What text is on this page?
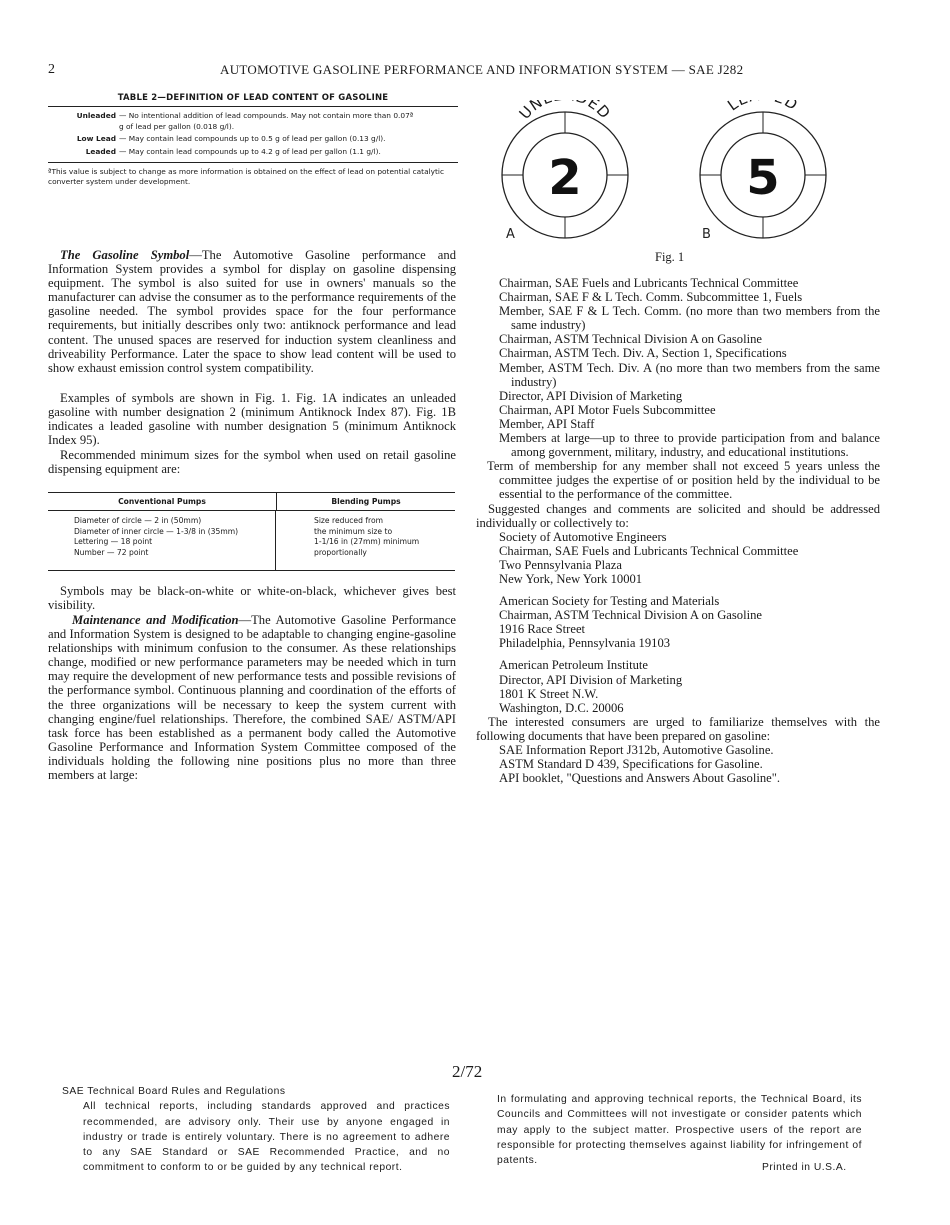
2	AUTOMOTIVE GASOLINE PERFORMANCE AND INFORMATION SYSTEM — SAE J282
TABLE 2—DEFINITION OF LEAD CONTENT OF GASOLINE
Unleaded — No intentional addition of lead compounds. May not contain more than 0.07ª g of lead per gallon (0.018 g/l).
Low Lead — May contain lead compounds up to 0.5 g of lead per gallon (0.13 g/l).
Leaded — May contain lead compounds up to 4.2 g of lead per gallon (1.1 g/l).
ªThis value is subject to change as more information is obtained on the effect of lead on potential catalytic converter system under development.
The Gasoline Symbol—The Automotive Gasoline performance and Information System provides a symbol for display on gasoline dispensing equipment. The symbol is also suited for use in owners' manuals so the manufacturer can advise the consumer as to the performance requirements of the gasoline needed. The symbol provides space for the four performance requirements, but initially describes only two: antiknock performance and lead content. The unused spaces are reserved for induction system cleanliness and driveability Performance. Later the space to show lead content will be used to show exhaust emission control system compatibility.
Examples of symbols are shown in Fig. 1. Fig. 1A indicates an unleaded gasoline with number designation 2 (minimum Antiknock Index 87). Fig. 1B indicates a leaded gasoline with number designation 5 (minimum Antiknock Index 95).
Recommended minimum sizes for the symbol when used on retail gasoline dispensing equipment are:
Conventional Pumps	Blending Pumps
Diameter of circle — 2 in (50mm)
Diameter of inner circle — 1-3/8 in (35mm)
Lettering — 18 point
Number — 72 point
Size reduced from
the minimum size to
1-1/16 in (27mm) minimum
proportionally
Symbols may be black-on-white or white-on-black, whichever gives best visibility.
Maintenance and Modification—The Automotive Gasoline Performance and Information System is designed to be adaptable to changing engine-gasoline relationships with minimum confusion to the consumer. As these relationships change, modified or new performance parameters may be needed which in turn may require the development of new performance tests and possible revisions of the performance symbol. Continuous planning and coordination of the efforts of the three organizations will be necessary to keep the system current with changing engine/fuel relationships. Therefore, the combined SAE/ ASTM/API task force has been established as a permanent body called the Automotive Gasoline Performance and Information System Committee composed of the individuals holding the following nine positions plus no more than three members at large:
UN ED
2
A
L D
5
B
Fig. 1
Chairman, SAE Fuels and Lubricants Technical Committee
Chairman, SAE F & L Tech. Comm. Subcommittee 1, Fuels
Member, SAE F & L Tech. Comm. (no more than two members from the same industry)
Chairman, ASTM Technical Division A on Gasoline
Chairman, ASTM Tech. Div. A, Section 1, Specifications
Member, ASTM Tech. Div. A (no more than two members from the same industry)
Director, API Division of Marketing
Chairman, API Motor Fuels Subcommittee
Member, API Staff
Members at large—up to three to provide participation from and balance among government, military, industry, and educational institutions.
Term of membership for any member shall not exceed 5 years unless the committee judges the expertise of or position held by the individual to be essential to the performance of the committee.
Suggested changes and comments are solicited and should be addressed individually or collectively to:
Society of Automotive Engineers
Chairman, SAE Fuels and Lubricants Technical Committee
Two Pennsylvania Plaza
New York, New York 10001
American Society for Testing and Materials
Chairman, ASTM Technical Division A on Gasoline
1916 Race Street
Philadelphia, Pennsylvania 19103
American Petroleum Institute
Director, API Division of Marketing
1801 K Street N.W.
Washington, D.C. 20006
The interested consumers are urged to familiarize themselves with the following documents that have been prepared on gasoline:
SAE Information Report J312b, Automotive Gasoline.
ASTM Standard D 439, Specifications for Gasoline.
API booklet, "Questions and Answers About Gasoline".
2/72
SAE Technical Board Rules and Regulations
All technical reports, including standards approved and practices recommended, are advisory only. Their use by anyone engaged in industry or trade is entirely voluntary. There is no agreement to adhere to any SAE Standard or SAE Recommended Practice, and no commitment to conform to or be guided by any technical report.
In formulating and approving technical reports, the Technical Board, its Councils and Committees will not investigate or consider patents which may apply to the subject matter. Prospective users of the report are responsible for protecting themselves against liability for infringement of patents.
Printed in U.S.A.
